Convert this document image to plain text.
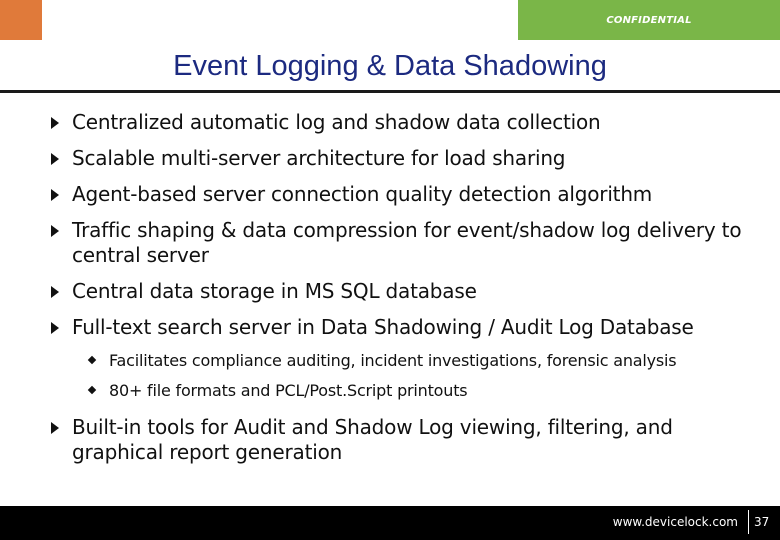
CONFIDENTIAL
Event Logging & Data Shadowing
Centralized automatic log and shadow data collection
Scalable multi-server architecture for load sharing
Agent-based server connection quality detection algorithm
Traffic shaping & data compression for event/shadow log delivery to central server
Central data storage in MS SQL database
Full-text search server in Data Shadowing / Audit Log Database
Facilitates compliance auditing, incident investigations, forensic analysis
80+ file formats and PCL/Post.Script printouts
Built-in tools for Audit and Shadow Log viewing, filtering, and graphical report generation
www.devicelock.com 37
